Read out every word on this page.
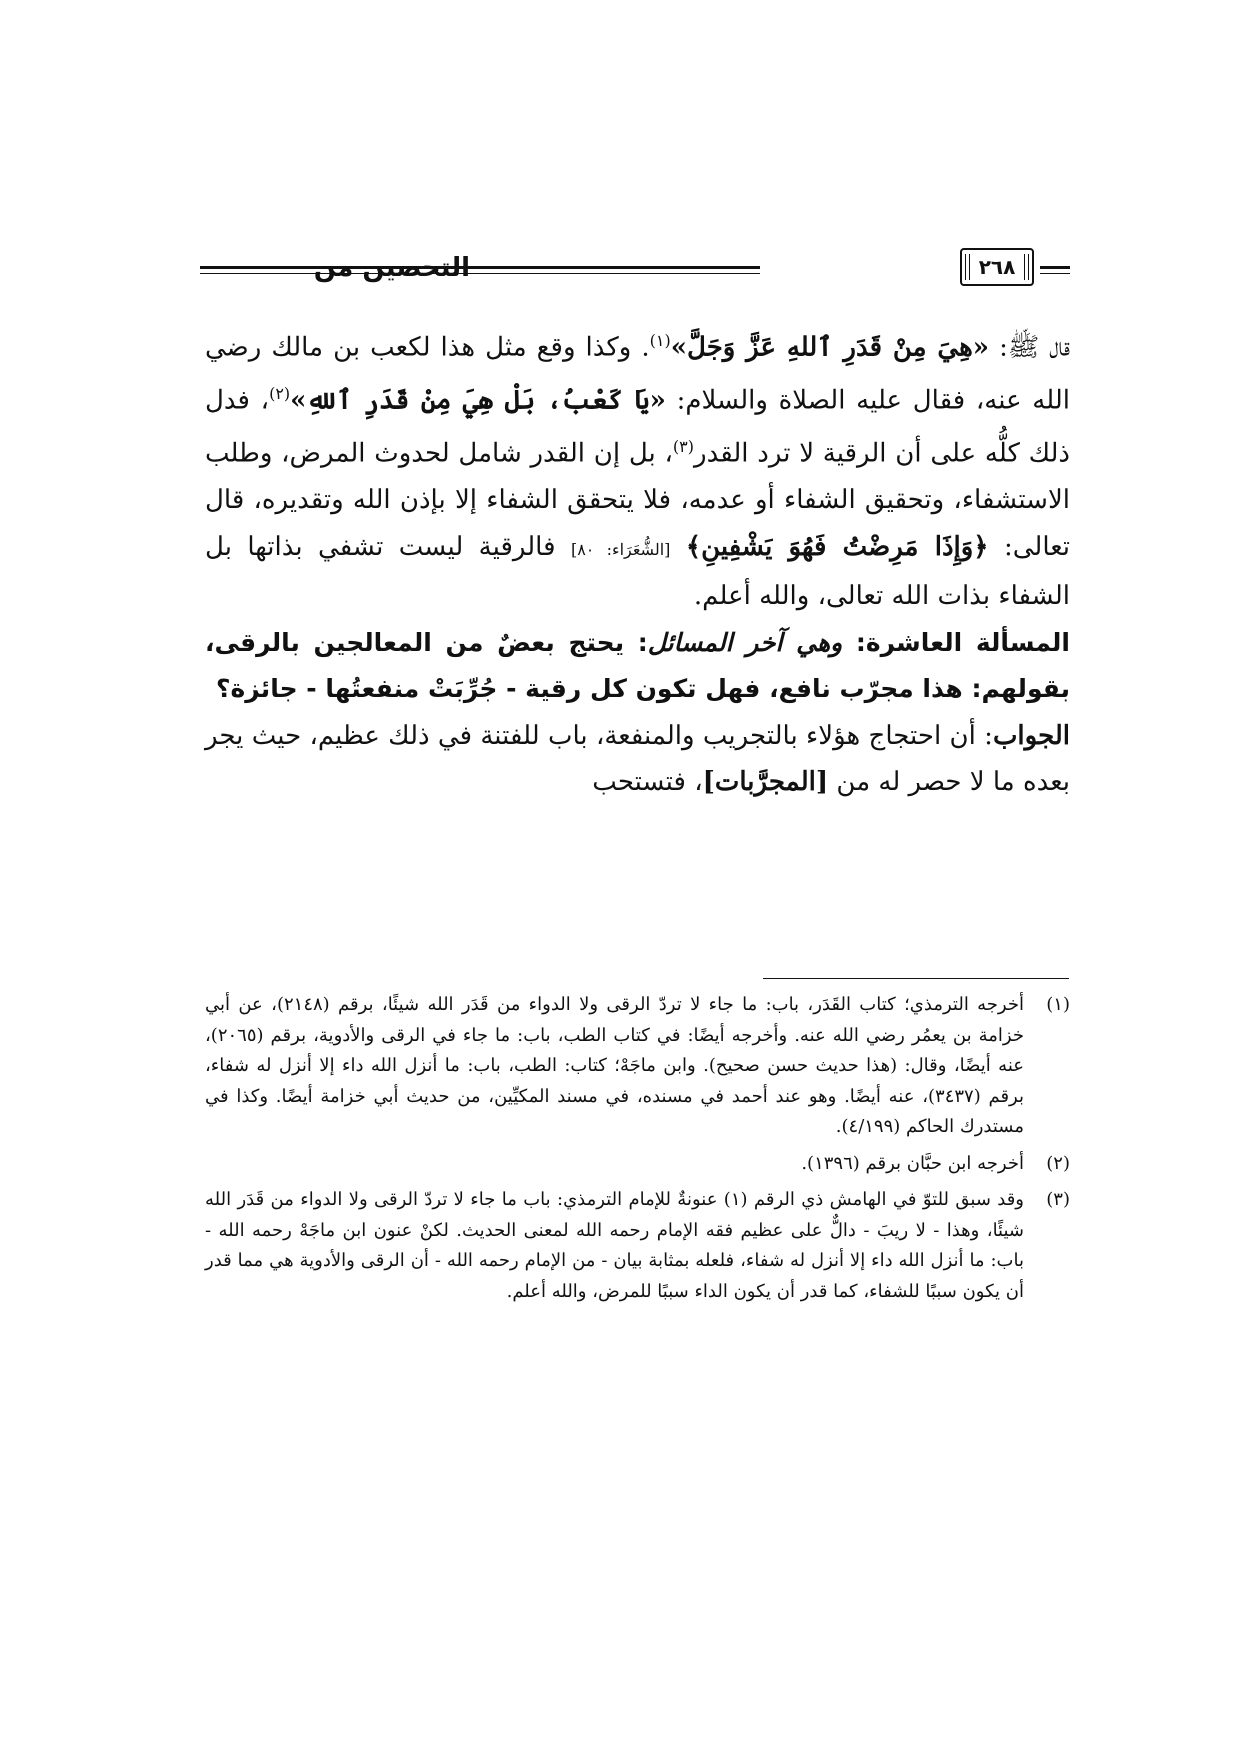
التحصين من	٢٦٨

قال ﷺ: «هِيَ مِنْ قَدَرِ ٱللهِ عَزَّ وَجَلَّ»$^{(١)}$. وكذا وقع مثل هذا لكعب بن مالك رضي الله عنه، فقال عليه الصلاة والسلام: «يَا كَعْبُ، بَلْ هِيَ مِنْ قَدَرِ ٱللهِ»$^{(٢)}$، فدل ذلك كلُّه على أن الرقية لا ترد القدر$^{(٣)}$، بل إن القدر شامل لحدوث المرض، وطلب الاستشفاء، وتحقيق الشفاء أو عدمه، فلا يتحقق الشفاء إلا بإذن الله وتقديره، قال تعالى: ﴿وَإِذَا مَرِضْتُ فَهُوَ يَشْفِينِ﴾ [الشُّعَرَاء: ٨٠] فالرقية ليست تشفي بذاتها بل الشفاء بذات الله تعالى، والله أعلم.

المسألة العاشرة: وهي آخر المسائل: يحتج بعضٌ من المعالجين بالرقى، بقولهم: هذا مجرّب نافع، فهل تكون كل رقية - جُرِّبَتْ منفعتُها - جائزة؟

الجواب: أن احتجاج هؤلاء بالتجريب والمنفعة، باب للفتنة في ذلك عظيم، حيث يجر بعده ما لا حصر له من [المجرَّبات]، فتستحب

(١)
أخرجه الترمذي؛ كتاب القَدَر، باب: ما جاء لا تردّ الرقى ولا الدواء من قَدَر الله شيئًا، برقم (٢١٤٨)، عن أبي خزامة بن يعمُر رضي الله عنه. وأخرجه أيضًا: في كتاب الطب، باب: ما جاء في الرقى والأدوية، برقم (٢٠٦٥)، عنه أيضًا، وقال: (هذا حديث حسن صحيح). وابن ماجَهْ؛ كتاب: الطب، باب: ما أنزل الله داء إلا أنزل له شفاء، برقم (٣٤٣٧)، عنه أيضًا. وهو عند أحمد في مسنده، في مسند المكيِّين، من حديث أبي خزامة أيضًا. وكذا في مستدرك الحاكم (٤/١٩٩).
(٢)
أخرجه ابن حبَّان برقم (١٣٩٦).
(٣)
وقد سبق للتوّ في الهامش ذي الرقم (١) عنونةٌ للإمام الترمذي: باب ما جاء لا تردّ الرقى ولا الدواء من قَدَر الله شيئًا، وهذا - لا ريبَ - دالٌّ على عظيم فقه الإمام رحمه الله لمعنى الحديث. لكنْ عنون ابن ماجَهْ رحمه الله - باب: ما أنزل الله داء إلا أنزل له شفاء، فلعله بمثابة بيان - من الإمام رحمه الله - أن الرقى والأدوية هي مما قدر أن يكون سببًا للشفاء، كما قدر أن يكون الداء سببًا للمرض، والله أعلم.
